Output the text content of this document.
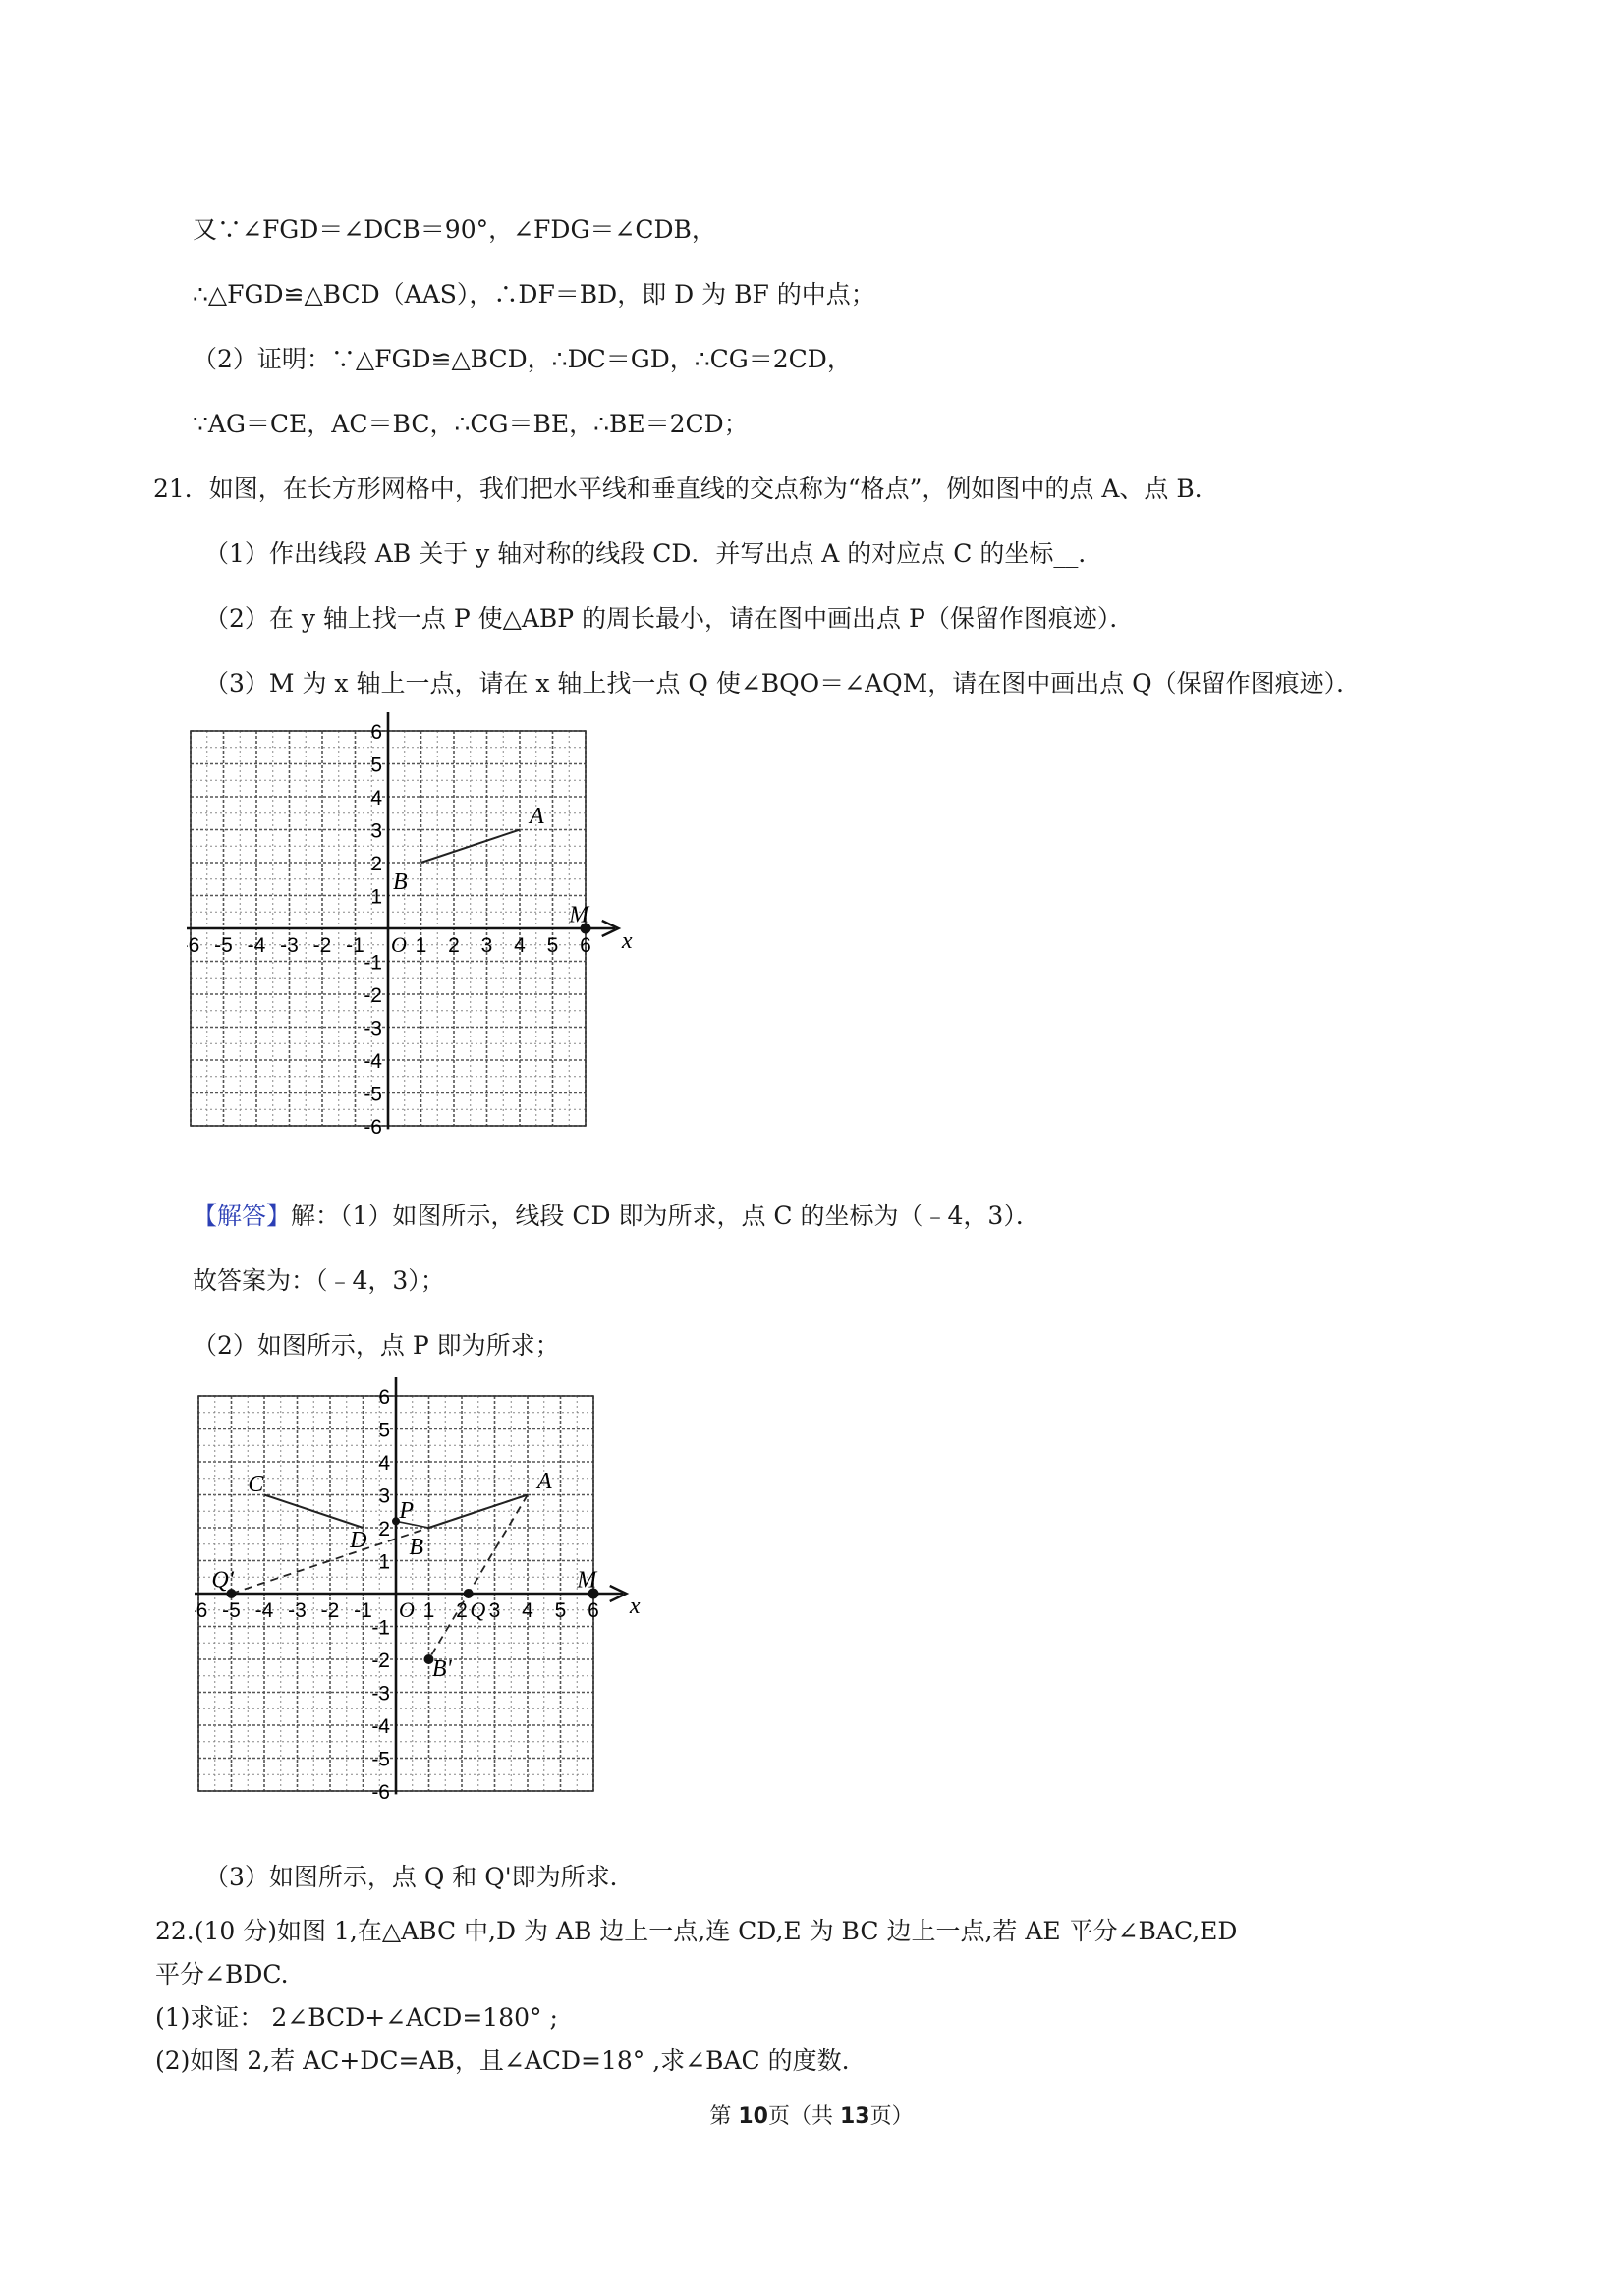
又∵∠FGD＝∠DCB＝90°，∠FDG＝∠CDB，
∴△FGD≌△BCD（AAS），∴DF＝BD，即 D 为 BF 的中点；
（2）证明：∵△FGD≌△BCD，∴DC＝GD，∴CG＝2CD，
∵AG＝CE，AC＝BC，∴CG＝BE，∴BE＝2CD；
21．如图，在长方形网格中，我们把水平线和垂直线的交点称为“格点”，例如图中的点 A、点 B．
（1）作出线段 AB 关于 y 轴对称的线段 CD．并写出点 A 的对应点 C 的坐标__．
（2）在 y 轴上找一点 P 使△ABP 的周长最小，请在图中画出点 P（保留作图痕迹）．
（3）M 为 x 轴上一点，请在 x 轴上找一点 Q 使∠BQO＝∠AQM，请在图中画出点 Q（保留作图痕迹）．
x
6 -5 -4 -3 -2 -1 1 2 3 4 5 6
6
5
4
3
2
1
-1
-2
-3
-4
-5
-6
O
M
A
B
【解答】解：（1）如图所示，线段 CD 即为所求，点 C 的坐标为（﹣4，3）．
故答案为：（﹣4，3）；
（2）如图所示，点 P 即为所求；
x
6 -5 -4 -3 -2 -1 1 2 3 4 5 6
6
5
4
3
2
1
-1
-2
-3
-4
-5
-6
O
M
A
C
D
P
B
Q'
Q
B'
（3）如图所示，点 Q 和 Q'即为所求．
22.(10 分)如图 1,在△ABC 中,D 为 AB 边上一点,连 CD,E 为 BC 边上一点,若 AE 平分∠BAC,ED
平分∠BDC.
(1)求证： 2∠BCD+∠ACD=180° ;
(2)如图 2,若 AC+DC=AB，且∠ACD=18° ,求∠BAC 的度数.
第 10页（共 13页）
